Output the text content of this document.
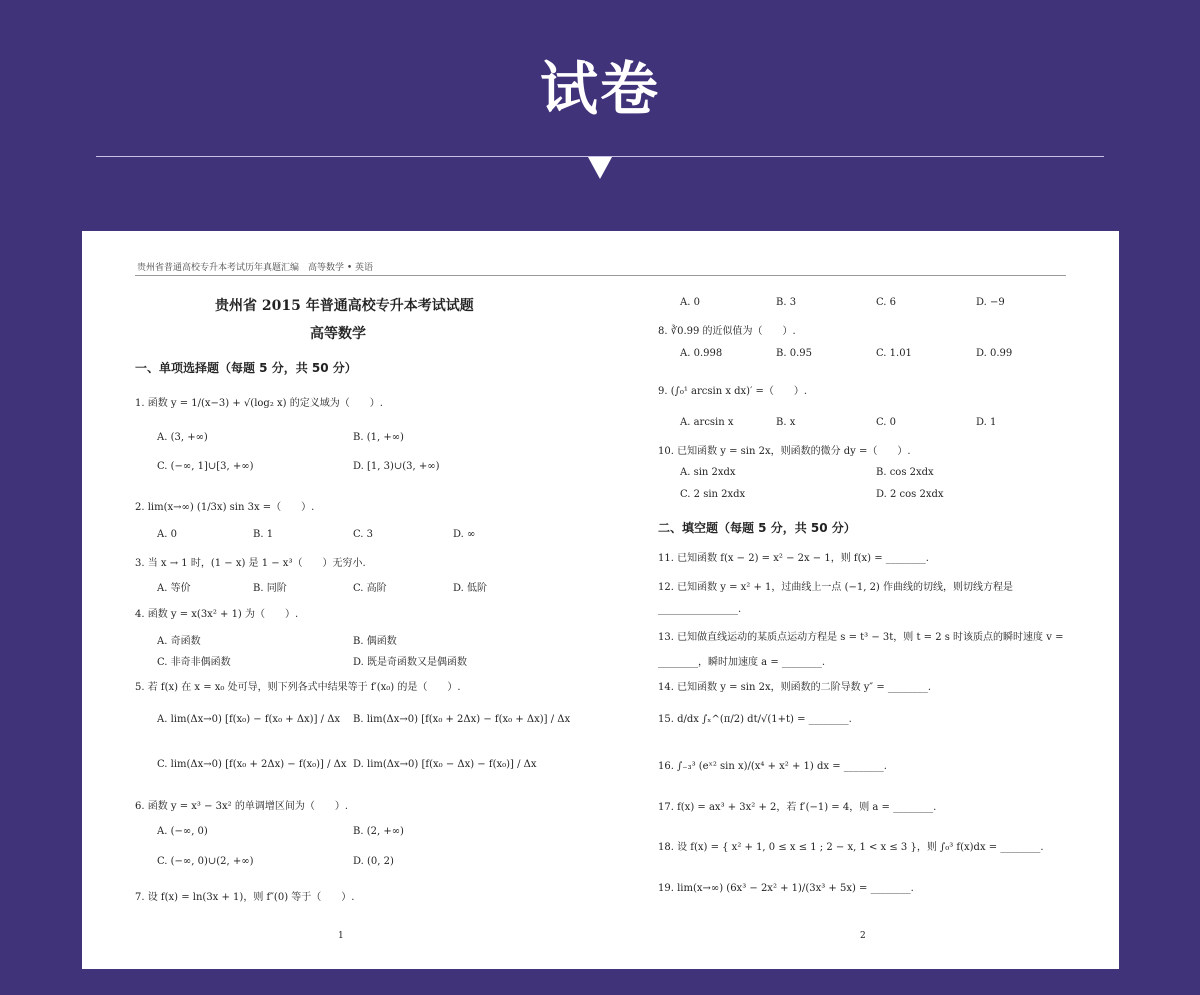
试卷
贵州省普通高校专升本考试历年真题汇编　高等数学 • 英语
贵州省 2015 年普通高校专升本考试试题
高等数学
一、单项选择题（每题 5 分，共 50 分）
1. 函数 y = 1/(x−3) + √(log₂ x) 的定义域为（　　）.
A. (3, +∞)	B. (1, +∞)
C. (−∞, 1]∪[3, +∞)	D. [1, 3)∪(3, +∞)
2. lim(x→∞) (1/3x) sin 3x =（　　）.
A. 0	B. 1	C. 3	D. ∞
3. 当 x → 1 时，(1 − x) 是 1 − x³（　　）无穷小.
A. 等价	B. 同阶	C. 高阶	D. 低阶
4. 函数 y = x(3x² + 1) 为（　　）.
A. 奇函数	B. 偶函数
C. 非奇非偶函数	D. 既是奇函数又是偶函数
5. 若 f(x) 在 x = x₀ 处可导，则下列各式中结果等于 f′(x₀) 的是（　　）.
A. lim(Δx→0) [f(x₀) − f(x₀ + Δx)] / Δx B. lim(Δx→0) [f(x₀ + 2Δx) − f(x₀ + Δx)] / Δx
C. lim(Δx→0) [f(x₀ + 2Δx) − f(x₀)] / Δx D. lim(Δx→0) [f(x₀ − Δx) − f(x₀)] / Δx
6. 函数 y = x³ − 3x² 的单调增区间为（　　）.
A. (−∞, 0)	B. (2, +∞)
C. (−∞, 0)∪(2, +∞)	D. (0, 2)
7. 设 f(x) = ln(3x + 1)，则 f″(0) 等于（　　）.
1
A. 0	B. 3	C. 6	D. −9
8. ∛0.99 的近似值为（　　）.
A. 0.998	B. 0.95	C. 1.01	D. 0.99
9. (∫₀¹ arcsin x dx)′ =（　　）.
A. arcsin x	B. x	C. 0	D. 1
10. 已知函数 y = sin 2x，则函数的微分 dy =（　　）.
A. sin 2xdx	B. cos 2xdx
C. 2 sin 2xdx	D. 2 cos 2xdx
二、填空题（每题 5 分，共 50 分）
11. 已知函数 f(x − 2) = x² − 2x − 1，则 f(x) = ________.
12. 已知函数 y = x² + 1，过曲线上一点 (−1, 2) 作曲线的切线，则切线方程是
________________.
13. 已知做直线运动的某质点运动方程是 s = t³ − 3t，则 t = 2 s 时该质点的瞬时速度 v =
________，瞬时加速度 a = ________.
14. 已知函数 y = sin 2x，则函数的二阶导数 y″ = ________.
15. d/dx ∫ₓ^(π/2) dt/√(1+t) = ________.
16. ∫₋₃³ (eˣ² sin x)/(x⁴ + x² + 1) dx = ________.
17. f(x) = ax³ + 3x² + 2，若 f′(−1) = 4，则 a = ________.
18. 设 f(x) = { x² + 1, 0 ≤ x ≤ 1 ; 2 − x, 1 < x ≤ 3 }，则 ∫₀³ f(x)dx = ________.
19. lim(x→∞) (6x³ − 2x² + 1)/(3x³ + 5x) = ________.
2
